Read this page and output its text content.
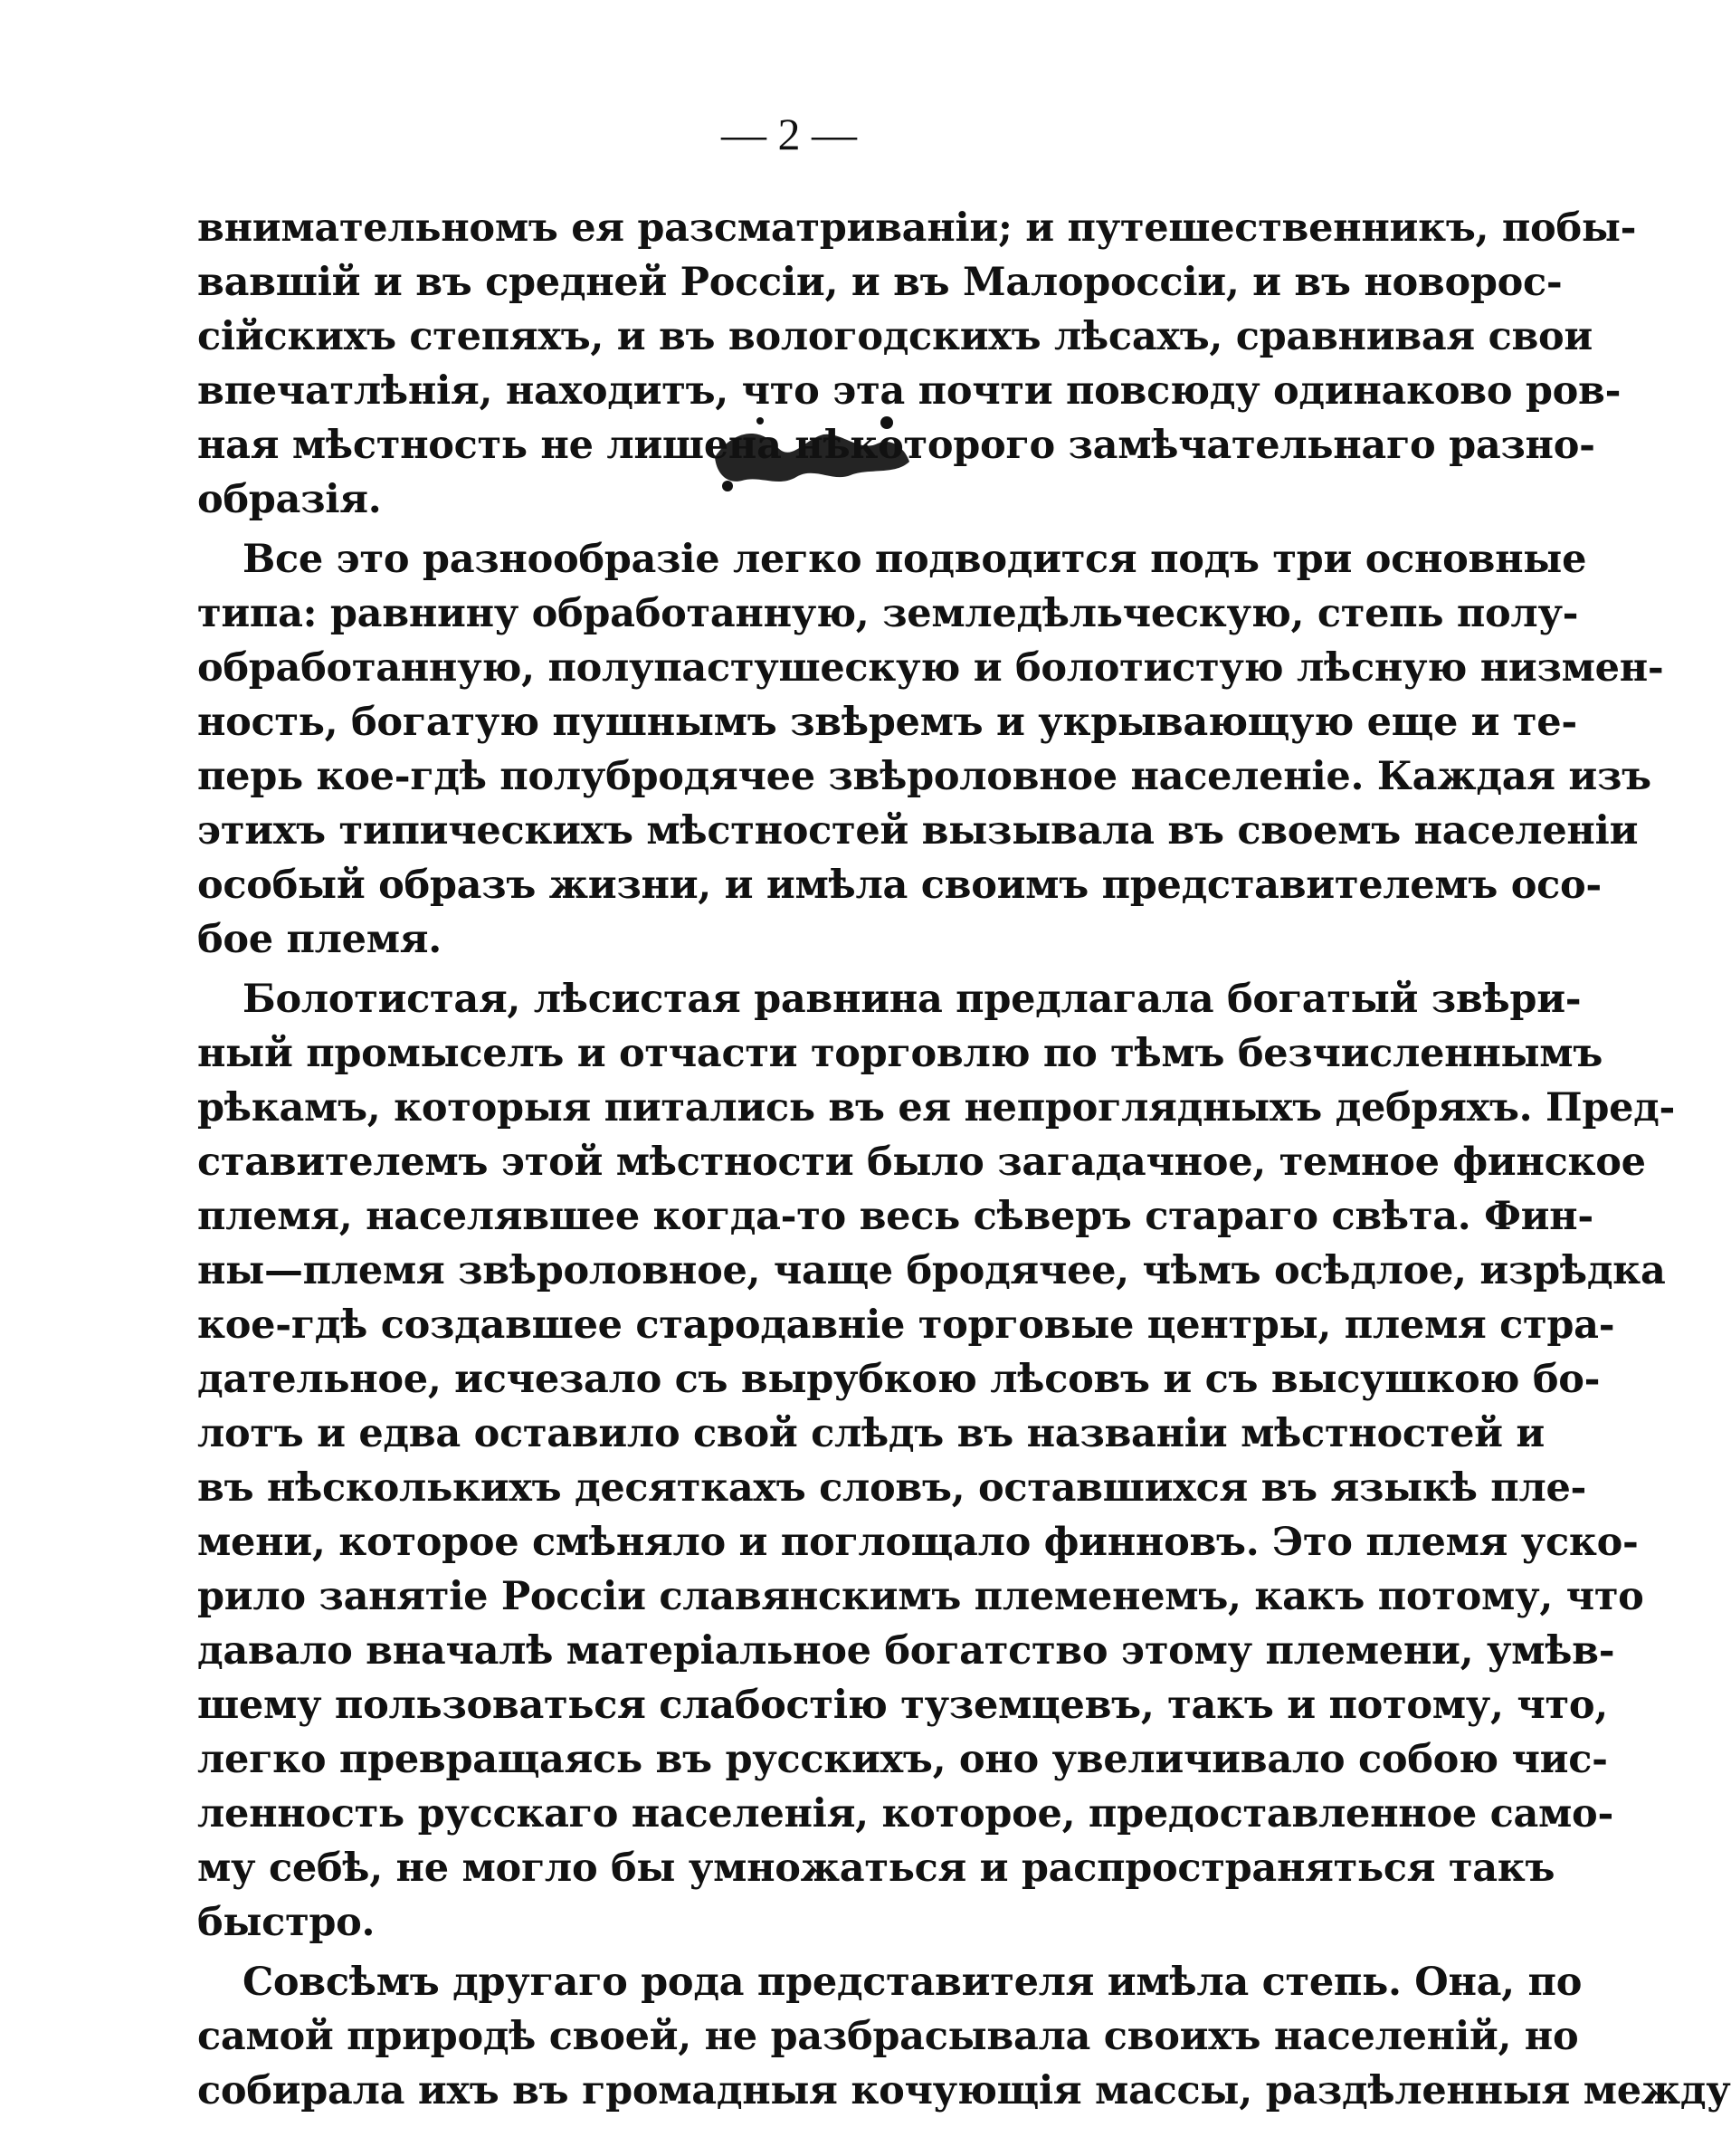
— 2 —
внимательномъ ея разсматриваніи; и путешественникъ, побы-
вавшій и въ средней Россіи, и въ Малороссіи, и въ новорос-
сійскихъ степяхъ, и въ вологодскихъ лѣсахъ, сравнивая свои
впечатлѣнія, находитъ, что эта почти повсюду одинаково ров-
ная мѣстность не лишена нѣкоторого замѣчательнаго разно-
образія.
Все это разнообразіе легко подводится подъ три основные
типа: равнину обработанную, земледѣльческую, степь полу-
обработанную, полупастушескую и болотистую лѣсную низмен-
ность, богатую пушнымъ звѣремъ и укрывающую еще и те-
перь кое-гдѣ полубродячее звѣроловное населеніе. Каждая изъ
этихъ типическихъ мѣстностей вызывала въ своемъ населеніи
особый образъ жизни, и имѣла своимъ представителемъ осо-
бое племя.
Болотистая, лѣсистая равнина предлагала богатый звѣри-
ный промыселъ и отчасти торговлю по тѣмъ безчисленнымъ
рѣкамъ, которыя питались въ ея непроглядныхъ дебряхъ. Пред-
ставителемъ этой мѣстности было загадачное, темное финское
племя, населявшее когда-то весь сѣверъ стараго свѣта. Фин-
ны—племя звѣроловное, чаще бродячее, чѣмъ осѣдлое, изрѣдка
кое-гдѣ создавшее стародавніе торговые центры, племя стра-
дательное, исчезало съ вырубкою лѣсовъ и съ высушкою бо-
лотъ и едва оставило свой слѣдъ въ названіи мѣстностей и
въ нѣсколькихъ десяткахъ словъ, оставшихся въ языкѣ пле-
мени, которое смѣняло и поглощало финновъ. Это племя уско-
рило занятіе Россіи славянскимъ племенемъ, какъ потому, что
давало вначалѣ матеріальное богатство этому племени, умѣв-
шему пользоваться слабостію туземцевъ, такъ и потому, что,
легко превращаясь въ русскихъ, оно увеличивало собою чис-
ленность русскаго населенія, которое, предоставленное само-
му себѣ, не могло бы умножаться и распространяться такъ
быстро.
Совсѣмъ другаго рода представителя имѣла степь. Она, по
самой природѣ своей, не разбрасывала своихъ населеній, но
собирала ихъ въ громадныя кочующія массы, раздѣленныя между
